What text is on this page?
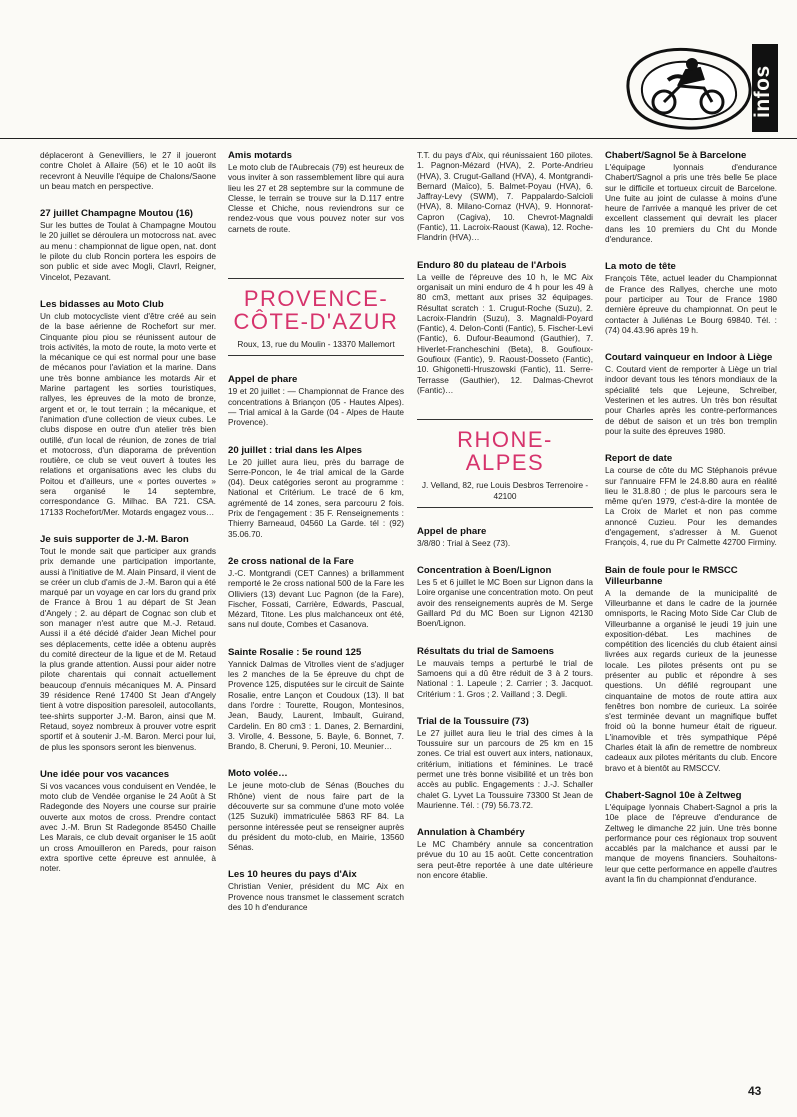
infos

déplaceront à Genevilliers, le 27 il joueront contre Cholet à Allaire (56) et le 10 août ils recevront à Neuville l'équipe de Chalons/Saone un beau match en perspective.

27 juillet Champagne Moutou (16)

Sur les buttes de Toulat à Champagne Moutou le 20 juillet se déroulera un motocross nat. avec au menu : championnat de ligue open, nat. dont le pilote du club Roncin portera les espoirs de son public et side avec Mogli, Clavrl, Reigner, Vincelot, Pezavant.

Les bidasses au Moto Club

Un club motocycliste vient d'être créé au sein de la base aérienne de Rochefort sur mer. Cinquante piou piou se réunissent autour de trois activités, la moto de route, la moto verte et la mécanique ce qui est normal pour une base de mécanos pour l'aviation et la marine. Dans une très bonne ambiance les motards Air et Marine partagent les sorties touristiques, rallyes, les épreuves de la moto de bronze, argent et or, le tout terrain ; la mécanique, et l'animation d'une collection de vieux cubes. Le clubs dispose en outre d'un atelier très bien outillé, d'un local de réunion, de zones de trial et motocross, d'un diaporama de prévention routière, ce club se veut ouvert à toutes les relations et organisations avec les clubs du Poitou et d'ailleurs, une « portes ouvertes » sera organisé le 14 septembre, correspondance G. Milhac. BA 721. CSA. 17133 Rochefort/Mer. Motards engagez vous…

Je suis supporter de J.-M. Baron

Tout le monde sait que participer aux grands prix demande une participation importante, aussi à l'initiative de M. Alain Pinsard, il vient de se créer un club d'amis de J.-M. Baron qui a été marqué par un voyage en car lors du grand prix de France à Brou 1 au départ de St Jean d'Angely ; 2. au départ de Cognac son club et son manager n'est autre que M.-J. Retaud. Aussi il a été décidé d'aider Jean Michel pour ses déplacements, cette idée a obtenu auprès du comité directeur de la ligue et de M. Retaud la plus grande attention. Aussi pour aider notre pilote charentais qui connait actuellement beaucoup d'ennuis mécaniques M. A. Pinsard 39 résidence René 17400 St Jean d'Angely tient à votre disposition paresoleil, autocollants, tee-shirts supporter J.-M. Baron, ainsi que M. Retaud, soyez nombreux à prouver votre esprit sportif et à soutenir J.-M. Baron. Merci pour lui, de plus les sponsors seront les bienvenus.

Une idée pour vos vacances

Si vos vacances vous conduisent en Vendée, le moto club de Vendée organise le 24 Août à St Radegonde des Noyers une course sur prairie ouverte aux motos de cross. Prendre contact avec J.-M. Brun St Radegonde 85450 Chaille Les Marais, ce club devait organiser le 15 août un cross Amouilleron en Pareds, pour raison extra sportive cette épreuve est annulée, à noter.

Amis motards

Le moto club de l'Aubrecais (79) est heureux de vous inviter à son rassemblement libre qui aura lieu les 27 et 28 septembre sur la commune de Clesse, le terrain se trouve sur la D.117 entre Clesse et Chiche, nous reviendrons sur ce rendez-vous que vous pouvez noter sur vos carnets de route.

PROVENCE-
CÔTE-D'AZUR
Roux, 13, rue du Moulin - 13370 Mallemort
Appel de phare

19 et 20 juillet : — Championnat de France des concentrations à Briançon (05 - Hautes Alpes). — Trial amical à la Garde (04 - Alpes de Haute Provence).

20 juillet : trial dans les Alpes

Le 20 juillet aura lieu, près du barrage de Serre-Poncon, le 4e trial amical de la Garde (04). Deux catégories seront au programme : National et Critérium. Le tracé de 6 km, agrémenté de 14 zones, sera parcouru 2 fois. Prix de l'engagement : 35 F. Renseignements : Thierry Barneaud, 04560 La Garde. tél : (92) 35.06.70.

2e cross national de la Fare

J.-C. Montgrandi (CET Cannes) a brillamment remporté le 2e cross national 500 de la Fare les Olliviers (13) devant Luc Pagnon (de la Fare), Fischer, Fossati, Carrière, Edwards, Pascual, Mézard, Titone. Les plus malchanceux ont été, sans nul doute, Combes et Casanova.

Sainte Rosalie : 5e round 125

Yannick Dalmas de Vitrolles vient de s'adjuger les 2 manches de la 5e épreuve du chpt de Provence 125, disputées sur le circuit de Sainte Rosalie, entre Lançon et Coudoux (13). Il bat dans l'ordre : Tourette, Rougon, Montesinos, Jean, Baudy, Laurent, Imbault, Guirand, Cardelin. En 80 cm3 : 1. Danes, 2. Bernardini, 3. Virolle, 4. Bessone, 5. Bayle, 6. Bonnet, 7. Brando, 8. Cheruni, 9. Peroni, 10. Meunier…

Moto volée…

Le jeune moto-club de Sénas (Bouches du Rhône) vient de nous faire part de la découverte sur sa commune d'une moto volée (125 Suzuki) immatriculée 5863 RF 84. La personne intéressée peut se renseigner auprès du président du moto-club, en Mairie, 13560 Sénas.

Les 10 heures du pays d'Aix

Christian Venier, président du MC Aix en Provence nous transmet le classement scratch des 10 h d'endurance

T.T. du pays d'Aix, qui réunissaient 160 pilotes. 1. Pagnon-Mézard (HVA), 2. Porte-Andrieu (HVA), 3. Crugut-Galland (HVA), 4. Montgrandi-Bernard (Maïco), 5. Balmet-Poyau (HVA), 6. Jaffray-Levy (SWM), 7. Pappalardo-Salcioli (HVA), 8. Milano-Cornaz (HVA), 9. Honnorat-Capron (Cagiva), 10. Chevrot-Magnaldi (Fantic), 11. Lacroix-Raoust (Kawa), 12. Roche-Flandrin (HVA)…

Enduro 80 du plateau de l'Arbois

La veille de l'épreuve des 10 h, le MC Aix organisait un mini enduro de 4 h pour les 49 à 80 cm3, mettant aux prises 32 équipages. Résultat scratch : 1. Crugut-Roche (Suzu), 2. Lacroix-Flandrin (Suzu), 3. Magnaldi-Poyard (Fantic), 4. Delon-Conti (Fantic), 5. Fischer-Levi (Fantic), 6. Dufour-Beaumond (Gauthier), 7. Hiverlet-Francheschini (Beta), 8. Goufioux-Goufioux (Fantic), 9. Raoust-Dosseto (Fantic), 10. Ghigonetti-Hruszowski (Fantic), 11. Serre-Terrasse (Gauthier), 12. Dalmas-Chevrot (Fantic)…

RHONE-
ALPES
J. Velland, 82, rue Louis Desbros Terrenoire - 42100
Appel de phare

3/8/80 : Trial à Seez (73).

Concentration à Boen/Lignon

Les 5 et 6 juillet le MC Boen sur Lignon dans la Loire organise une concentration moto. On peut avoir des renseignements auprès de M. Serge Gaillard Pd du MC Boen sur Lignon 42130 Boen/Lignon.

Résultats du trial de Samoens

Le mauvais temps a perturbé le trial de Samoens qui a dû être réduit de 3 à 2 tours. National : 1. Lapeule ; 2. Carrier ; 3. Jacquot. Critérium : 1. Gros ; 2. Vailland ; 3. Degli.

Trial de la Toussuire (73)

Le 27 juillet aura lieu le trial des cimes à la Toussuire sur un parcours de 25 km en 15 zones. Ce trial est ouvert aux inters, nationaux, critérium, initiations et féminines. Le tracé permet une très bonne visibilité et un très bon accès au public. Engagements : J.-J. Schaller chalet G. Lyvet La Toussuire 73300 St Jean de Maurienne. Tél. : (79) 56.73.72.

Annulation à Chambéry

Le MC Chambéry annule sa concentration prévue du 10 au 15 août. Cette concentration sera peut-être reportée à une date ultérieure non encore établie.

Chabert/Sagnol 5e à Barcelone

L'équipage lyonnais d'endurance Chabert/Sagnol a pris une très belle 5e place sur le difficile et tortueux circuit de Barcelone. Une fuite au joint de culasse à moins d'une heure de l'arrivée a manqué les priver de cet excellent classement qui devrait les placer dans les 10 premiers du Cht du Monde d'endurance.

La moto de tête

François Tête, actuel leader du Championnat de France des Rallyes, cherche une moto pour participer au Tour de France 1980 dernière épreuve du championnat. On peut le contacter à Juliénas Le Bourg 69840. Tél. : (74) 04.43.96 après 19 h.

Coutard vainqueur en Indoor à Liège

C. Coutard vient de remporter à Liège un trial indoor devant tous les ténors mondiaux de la spécialité tels que Lejeune, Schreiber, Vesterinen et les autres. Un très bon résultat pour Charles après les contre-performances de début de saison et un très bon tremplin pour la suite des épreuves 1980.

Report de date

La course de côte du MC Stéphanois prévue sur l'annuaire FFM le 24.8.80 aura en réalité lieu le 31.8.80 ; de plus le parcours sera le même qu'en 1979, c'est-à-dire la montée de La Croix de Marlet et non pas comme annoncé Cuzieu. Pour les demandes d'engagement, s'adresser à M. Guenot François, 4, rue du Pr Calmette 42700 Firminy.

Bain de foule pour le RMSCC Villeurbanne

A la demande de la municipalité de Villeurbanne et dans le cadre de la journée omnisports, le Racing Moto Side Car Club de Villeurbanne a organisé le jeudi 19 juin une exposition-débat. Les machines de compétition des licenciés du club étaient ainsi livrées aux regards curieux de la jeunesse locale. Les pilotes présents ont pu se présenter au public et répondre à ses questions. Un défilé regroupant une cinquantaine de motos de route attira aux fenêtres bon nombre de curieux. La soirée s'est terminée devant un magnifique buffet froid où la bonne humeur était de rigueur. L'inamovible et très sympathique Pépé Charles était là afin de remettre de nombreux cadeaux aux pilotes méritants du club. Encore bravo et à bientôt au RMSCCV.

Chabert-Sagnol 10e à Zeltweg

L'équipage lyonnais Chabert-Sagnol a pris la 10e place de l'épreuve d'endurance de Zeltweg le dimanche 22 juin. Une très bonne performance pour ces régionaux trop souvent accablés par la malchance et aussi par le manque de moyens financiers. Souhaitons-leur que cette performance en appelle d'autres avant la fin du championnat d'endurance.

43
